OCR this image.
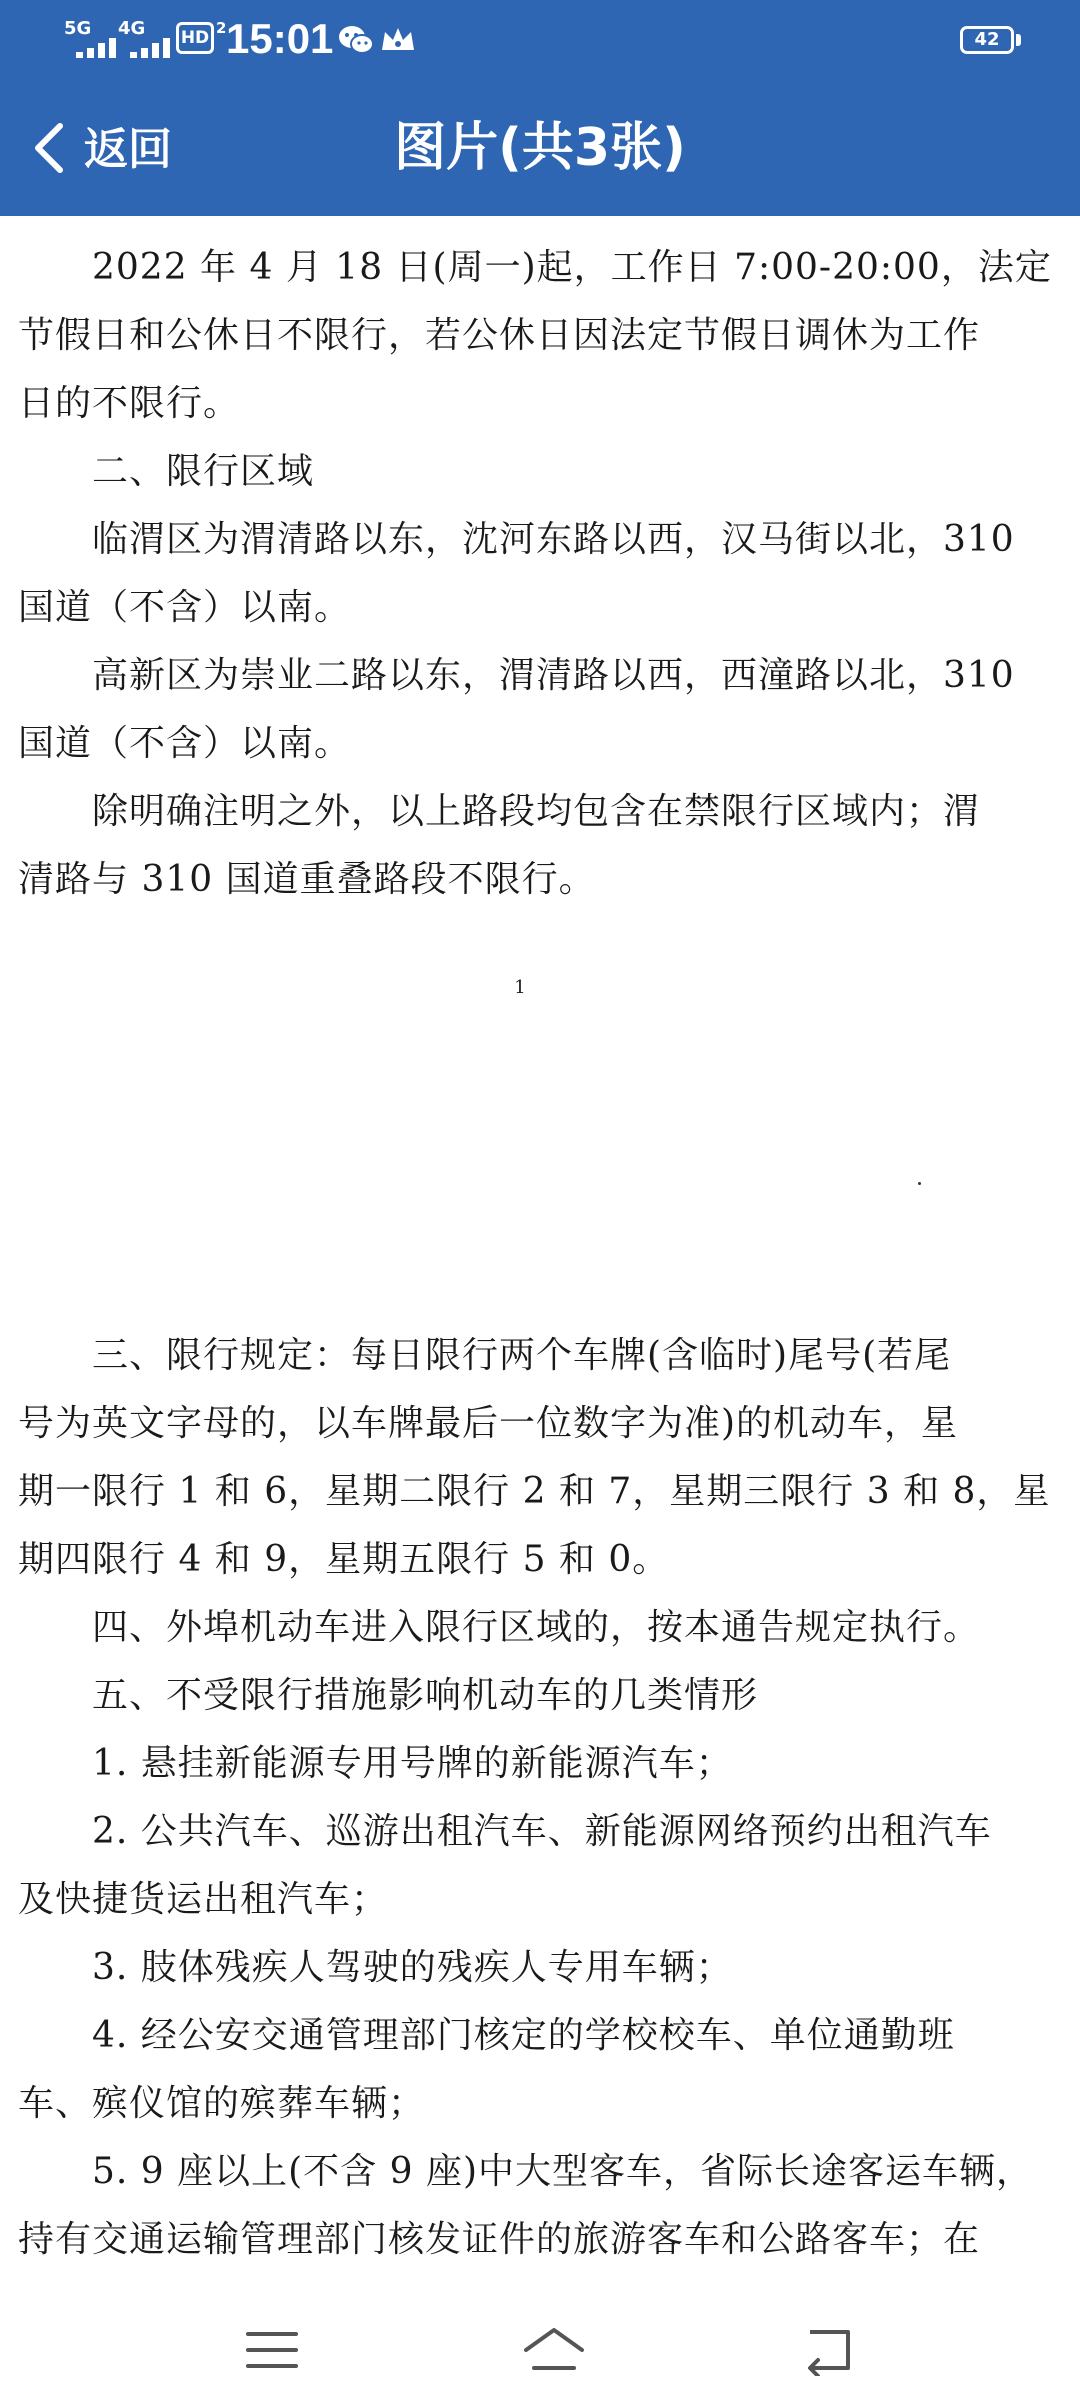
5G 4G HD 2 15:01	42
返回	图片(共3张)
2022 年 4 月 18 日(周一)起，工作日 7:00-20:00，法定
节假日和公休日不限行，若公休日因法定节假日调休为工作
日的不限行。
二、限行区域
临渭区为渭清路以东，沈河东路以西，汉马街以北，310
国道（不含）以南。
高新区为崇业二路以东，渭清路以西，西潼路以北，310
国道（不含）以南。
除明确注明之外，以上路段均包含在禁限行区域内；渭
清路与 310 国道重叠路段不限行。
1
三、限行规定：每日限行两个车牌(含临时)尾号(若尾
号为英文字母的，以车牌最后一位数字为准)的机动车，星
期一限行 1 和 6，星期二限行 2 和 7，星期三限行 3 和 8，星
期四限行 4 和 9，星期五限行 5 和 0。
四、外埠机动车进入限行区域的，按本通告规定执行。
五、不受限行措施影响机动车的几类情形
1. 悬挂新能源专用号牌的新能源汽车；
2. 公共汽车、巡游出租汽车、新能源网络预约出租汽车
及快捷货运出租汽车；
3. 肢体残疾人驾驶的残疾人专用车辆；
4. 经公安交通管理部门核定的学校校车、单位通勤班
车、殡仪馆的殡葬车辆；
5. 9 座以上(不含 9 座)中大型客车，省际长途客运车辆，
持有交通运输管理部门核发证件的旅游客车和公路客车；在
